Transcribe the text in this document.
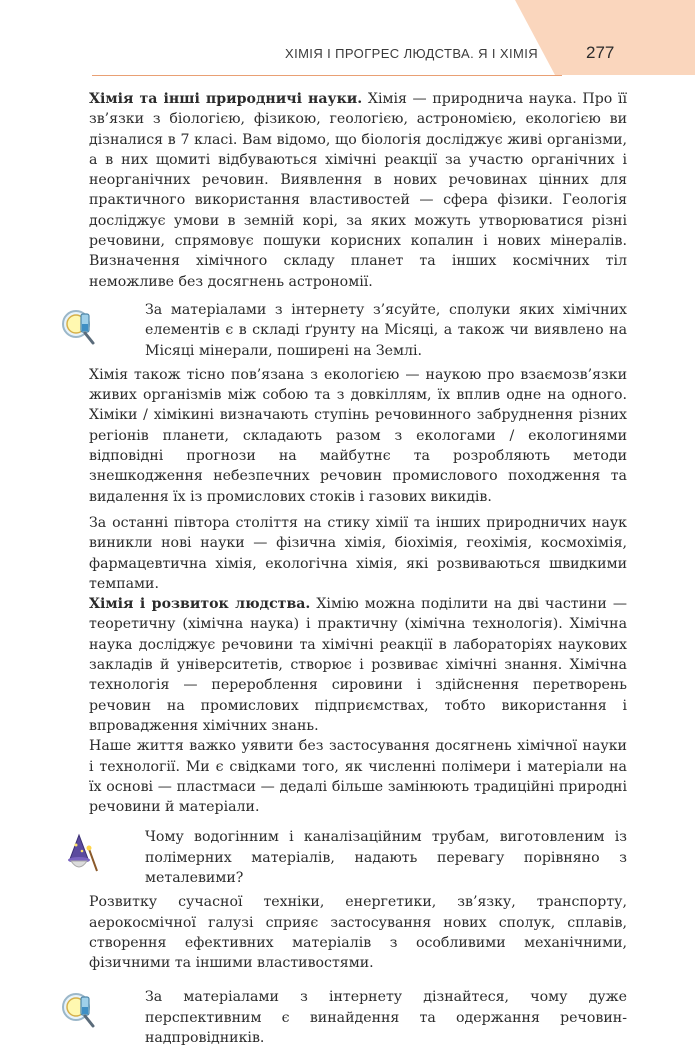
ХІМІЯ І ПРОГРЕС ЛЮДСТВА. Я І ХІМІЯ	277

Хімія та інші природничі науки. Хімія — природнича наука. Про її зв’язки з біологією, фізикою, геологією, астрономією, екологією ви дізналися в 7 класі. Вам відомо, що біологія досліджує живі організми, а в них щомиті відбуваються хімічні реакції за участю органічних і неорганічних речовин. Виявлення в нових речовинах цінних для практичного використання властивостей — сфера фізики. Геологія досліджує умови в земній корі, за яких можуть утворюватися різні речовини, спрямовує пошуки корисних копалин і нових мінералів. Визначення хімічного складу планет та інших космічних тіл неможливе без досягнень астрономії.

За матеріалами з інтернету з’ясуйте, сполуки яких хімічних елементів є в складі ґрунту на Місяці, а також чи виявлено на Місяці мінерали, поширені на Землі.

Хімія також тісно пов’язана з екологією — наукою про взаємозв’язки живих організмів між собою та з довкіллям, їх вплив одне на одного. Хіміки / хімікині визначають ступінь речовинного забруднення різних регіонів планети, складають разом з екологами / екологинями відповідні прогнози на майбутнє та розробляють методи знешкодження небезпечних речовин промислового походження та видалення їх із промислових стоків і газових викидів.

За останні півтора століття на стику хімії та інших природничих наук виникли нові науки — фізична хімія, біохімія, геохімія, космохімія, фармацевтична хімія, екологічна хімія, які розвиваються швидкими темпами.

Хімія і розвиток людства. Хімію можна поділити на дві частини — теоретичну (хімічна наука) і практичну (хімічна технологія). Хімічна наука досліджує речовини та хімічні реакції в лабораторіях наукових закладів й університетів, створює і розвиває хімічні знання. Хімічна технологія — перероблення сировини і здійснення перетворень речовин на промислових підприємствах, тобто використання і впровадження хімічних знань.

Наше життя важко уявити без застосування досягнень хімічної науки і технології. Ми є свідками того, як численні полімери і матеріали на їх основі — пластмаси — дедалі більше замінюють традиційні природні речовини й матеріали.

Чому водогінним і каналізаційним трубам, виготовленим із полімерних матеріалів, надають перевагу порівняно з металевими?

Розвитку сучасної техніки, енергетики, зв’язку, транспорту, аерокосмічної галузі сприяє застосування нових сполук, сплавів, створення ефективних матеріалів з особливими механічними, фізичними та іншими властивостями.

За матеріалами з інтернету дізнайтеся, чому дуже перспективним є винайдення та одержання речовин-надпровідників.
